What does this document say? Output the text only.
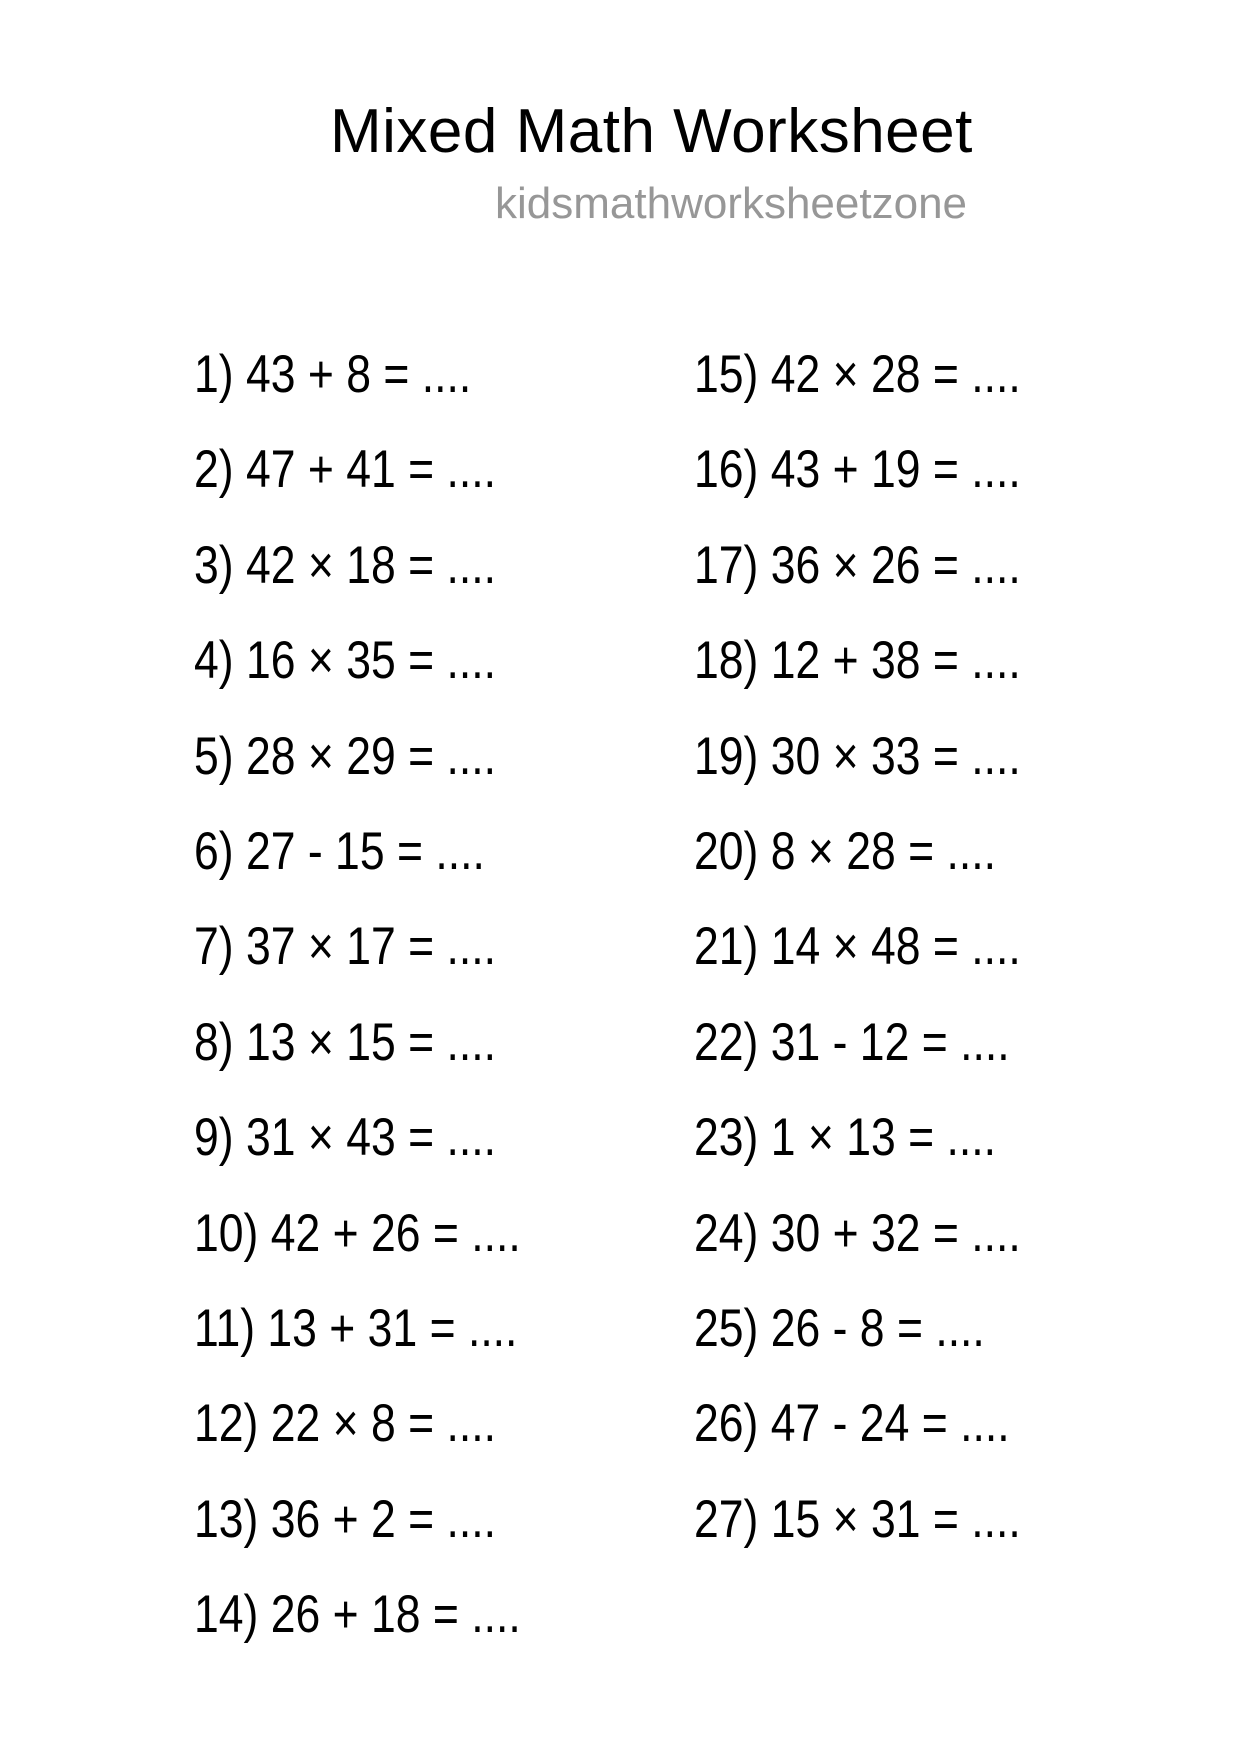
Mixed Math Worksheet
kidsmathworksheetzone
1) 43 + 8 = ....
2) 47 + 41 = ....
3) 42 × 18 = ....
4) 16 × 35 = ....
5) 28 × 29 = ....
6) 27 - 15 = ....
7) 37 × 17 = ....
8) 13 × 15 = ....
9) 31 × 43 = ....
10) 42 + 26 = ....
11) 13 + 31 = ....
12) 22 × 8 = ....
13) 36 + 2 = ....
14) 26 + 18 = ....
15) 42 × 28 = ....
16) 43 + 19 = ....
17) 36 × 26 = ....
18) 12 + 38 = ....
19) 30 × 33 = ....
20) 8 × 28 = ....
21) 14 × 48 = ....
22) 31 - 12 = ....
23) 1 × 13 = ....
24) 30 + 32 = ....
25) 26 - 8 = ....
26) 47 - 24 = ....
27) 15 × 31 = ....
